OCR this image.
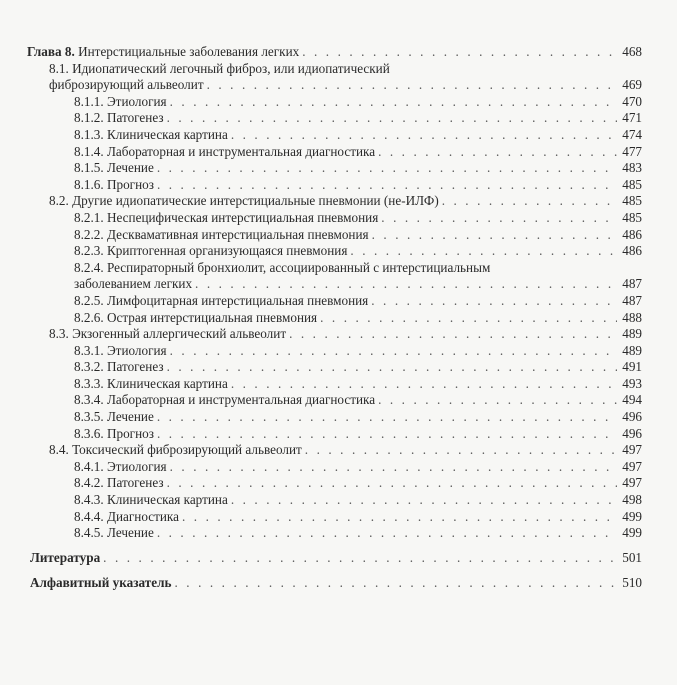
Глава 8. Интерстициальные заболевания легких . . .	468
8.1. Идиопатический легочный фиброз, или идиопатический
фиброзирующий альвеолит . . .	469
8.1.1. Этиология . . .	470
8.1.2. Патогенез . . .	471
8.1.3. Клиническая картина . . .	474
8.1.4. Лабораторная и инструментальная диагностика . . .	477
8.1.5. Лечение . . .	483
8.1.6. Прогноз . . .	485
8.2. Другие идиопатические интерстициальные пневмонии (не-ИЛФ) . . .	485
8.2.1. Неспецифическая интерстициальная пневмония . . .	485
8.2.2. Десквамативная интерстициальная пневмония . . .	486
8.2.3. Криптогенная организующаяся пневмония . . .	486
8.2.4. Респираторный бронхиолит, ассоциированный с интерстициальным
заболеванием легких . . .	487
8.2.5. Лимфоцитарная интерстициальная пневмония . . .	487
8.2.6. Острая интерстициальная пневмония . . .	488
8.3. Экзогенный аллергический альвеолит . . .	489
8.3.1. Этиология . . .	489
8.3.2. Патогенез . . .	491
8.3.3. Клиническая картина . . .	493
8.3.4. Лабораторная и инструментальная диагностика . . .	494
8.3.5. Лечение . . .	496
8.3.6. Прогноз . . .	496
8.4. Токсический фиброзирующий альвеолит . . .	497
8.4.1. Этиология . . .	497
8.4.2. Патогенез . . .	497
8.4.3. Клиническая картина . . .	498
8.4.4. Диагностика . . .	499
8.4.5. Лечение . . .	499
Литература . . .	501
Алфавитный указатель . . .	510
